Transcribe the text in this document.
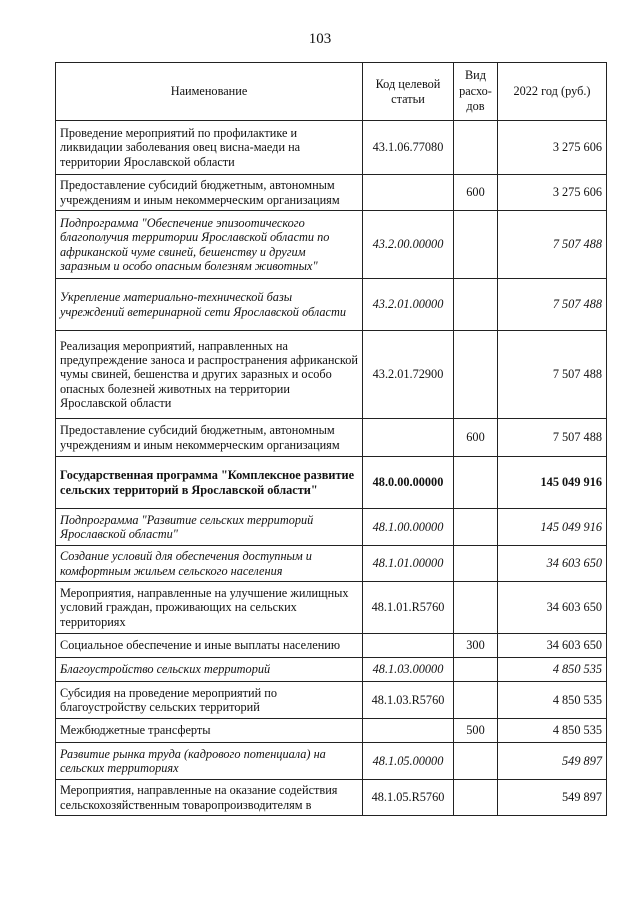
103
Наименование	Код целевой статьи	Вид расхо-дов	2022 год (руб.)
Проведение мероприятий по профилактике и ликвидации заболевания овец висна-маеди на территории Ярославской области	43.1.06.77080		3 275 606
Предоставление субсидий бюджетным, автономным учреждениям и иным некоммерческим организациям		600	3 275 606
Подпрограмма "Обеспечение эпизоотического благополучия территории Ярославской области по африканской чуме свиней, бешенству и другим заразным и особо опасным болезням животных"	43.2.00.00000		7 507 488
Укрепление материально-технической базы учреждений ветеринарной сети Ярославской области	43.2.01.00000		7 507 488
Реализация мероприятий, направленных на предупреждение заноса и распространения африканской чумы свиней, бешенства и других заразных и особо опасных болезней животных на территории Ярославской области	43.2.01.72900		7 507 488
Предоставление субсидий бюджетным, автономным учреждениям и иным некоммерческим организациям		600	7 507 488
Государственная программа "Комплексное развитие сельских территорий в Ярославской области"	48.0.00.00000		145 049 916
Подпрограмма "Развитие сельских территорий Ярославской области"	48.1.00.00000		145 049 916
Создание условий для обеспечения доступным и комфортным жильем сельского населения	48.1.01.00000		34 603 650
Мероприятия, направленные на улучшение жилищных условий граждан, проживающих на сельских территориях	48.1.01.R5760		34 603 650
Социальное обеспечение и иные выплаты населению		300	34 603 650
Благоустройство сельских территорий	48.1.03.00000		4 850 535
Субсидия на проведение мероприятий по благоустройству сельских территорий	48.1.03.R5760		4 850 535
Межбюджетные трансферты		500	4 850 535
Развитие рынка труда (кадрового потенциала) на сельских территориях	48.1.05.00000		549 897
Мероприятия, направленные на оказание содействия сельскохозяйственным товаропроизводителям в	48.1.05.R5760		549 897
